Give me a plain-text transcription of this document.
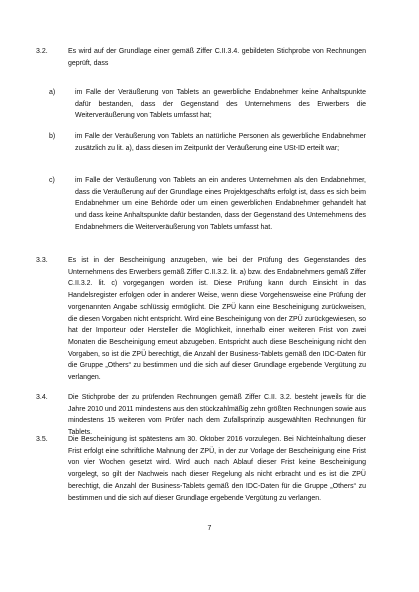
3.2.	Es wird auf der Grundlage einer gemäß Ziffer C.II.3.4. gebildeten Stichprobe von Rechnungen geprüft, dass
a)	im Falle der Veräußerung von Tablets an gewerbliche Endabnehmer keine Anhaltspunkte dafür bestanden, dass der Gegenstand des Unternehmens des Erwerbers die Weiterveräußerung von Tablets umfasst hat;
b)	im Falle der Veräußerung von Tablets an natürliche Personen als gewerbliche Endabnehmer zusätzlich zu lit. a), dass diesen im Zeitpunkt der Veräußerung eine USt-ID erteilt war;
c)	im Falle der Veräußerung von Tablets an ein anderes Unternehmen als den Endabnehmer, dass die Veräußerung auf der Grundlage eines Projektgeschäfts erfolgt ist, dass es sich beim Endabnehmer um eine Behörde oder um einen gewerblichen Endabnehmer gehandelt hat und dass keine Anhaltspunkte dafür bestanden, dass der Gegenstand des Unternehmens des Endabnehmers die Weiterveräußerung von Tablets umfasst hat.
3.3.	Es ist in der Bescheinigung anzugeben, wie bei der Prüfung des Gegenstandes des Unternehmens des Erwerbers gemäß Ziffer C.II.3.2. lit. a) bzw. des Endabnehmers gemäß Ziffer C.II.3.2. lit. c) vorgegangen worden ist. Diese Prüfung kann durch Einsicht in das Handelsregister erfolgen oder in anderer Weise, wenn diese Vorgehensweise eine Prüfung der vorgenannten Angabe schlüssig ermöglicht. Die ZPÜ kann eine Bescheinigung zurückweisen, die diesen Vorgaben nicht entspricht. Wird eine Bescheinigung von der ZPÜ zurückgewiesen, so hat der Importeur oder Hersteller die Möglichkeit, innerhalb einer weiteren Frist von zwei Monaten die Bescheinigung erneut abzugeben. Entspricht auch diese Bescheinigung nicht den Vorgaben, so ist die ZPÜ berechtigt, die Anzahl der Business-Tablets gemäß den IDC-Daten für die Gruppe „Others“ zu bestimmen und die sich auf dieser Grundlage ergebende Vergütung zu verlangen.
3.4.	Die Stichprobe der zu prüfenden Rechnungen gemäß Ziffer C.II. 3.2. besteht jeweils für die Jahre 2010 und 2011 mindestens aus den stückzahlmäßig zehn größten Rechnungen sowie aus mindestens 15 weiteren vom Prüfer nach dem Zufallsprinzip ausgewählten Rechnungen für Tablets.
3.5.	Die Bescheinigung ist spätestens am 30. Oktober 2016 vorzulegen. Bei Nichteinhaltung dieser Frist erfolgt eine schriftliche Mahnung der ZPÜ, in der zur Vorlage der Bescheinigung eine Frist von vier Wochen gesetzt wird. Wird auch nach Ablauf dieser Frist keine Bescheinigung vorgelegt, so gilt der Nachweis nach dieser Regelung als nicht erbracht und es ist die ZPÜ berechtigt, die Anzahl der Business-Tablets gemäß den IDC-Daten für die Gruppe „Others“ zu bestimmen und die sich auf dieser Grundlage ergebende Vergütung zu verlangen.
7
